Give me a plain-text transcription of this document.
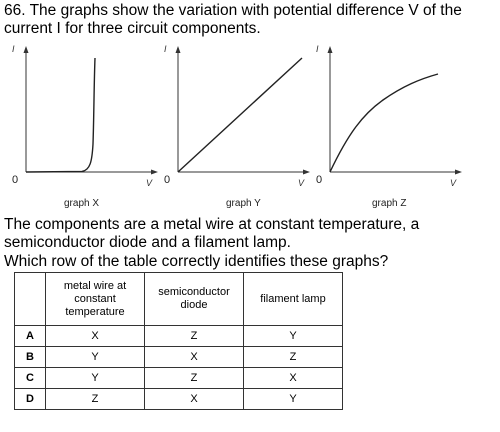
66. The graphs show the variation with potential difference V of the current I for three circuit components.

I
V
0
graph X
I
V
0
graph Y
I
V
0
graph Z

The components are a metal wire at constant temperature, a semiconductor diode and a filament lamp.

Which row of the table correctly identifies these graphs?

	metal wire at constant temperature	semiconductor diode	filament lamp
A	X	Z	Y
B	Y	X	Z
C	Y	Z	X
D	Z	X	Y
